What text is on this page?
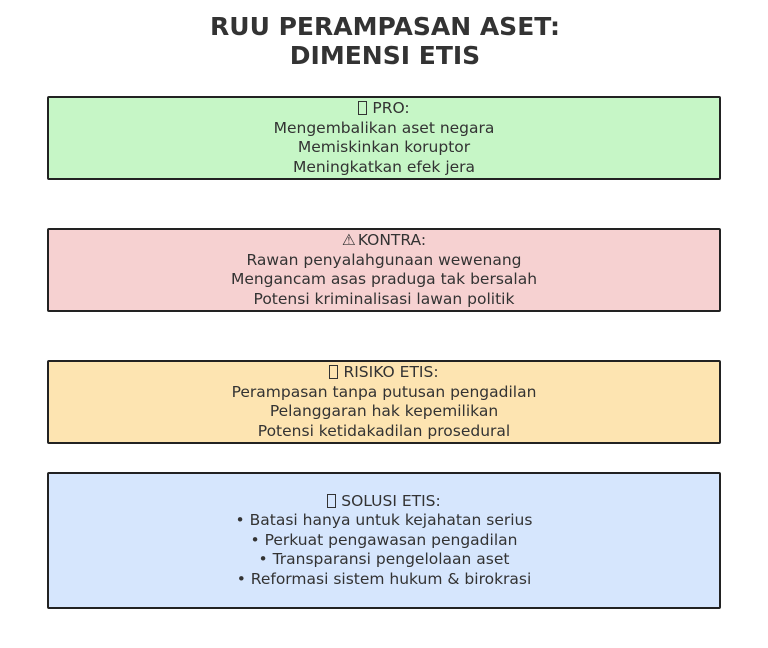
RUU PERAMPASAN ASET:
DIMENSI ETIS
PRO:
Mengembalikan aset negara
Memiskinkan koruptor
Meningkatkan efek jera
⚠ KONTRA:
Rawan penyalahgunaan wewenang
Mengancam asas praduga tak bersalah
Potensi kriminalisasi lawan politik
RISIKO ETIS:
Perampasan tanpa putusan pengadilan
Pelanggaran hak kepemilikan
Potensi ketidakadilan prosedural
SOLUSI ETIS:
• Batasi hanya untuk kejahatan serius
• Perkuat pengawasan pengadilan
• Transparansi pengelolaan aset
• Reformasi sistem hukum & birokrasi
